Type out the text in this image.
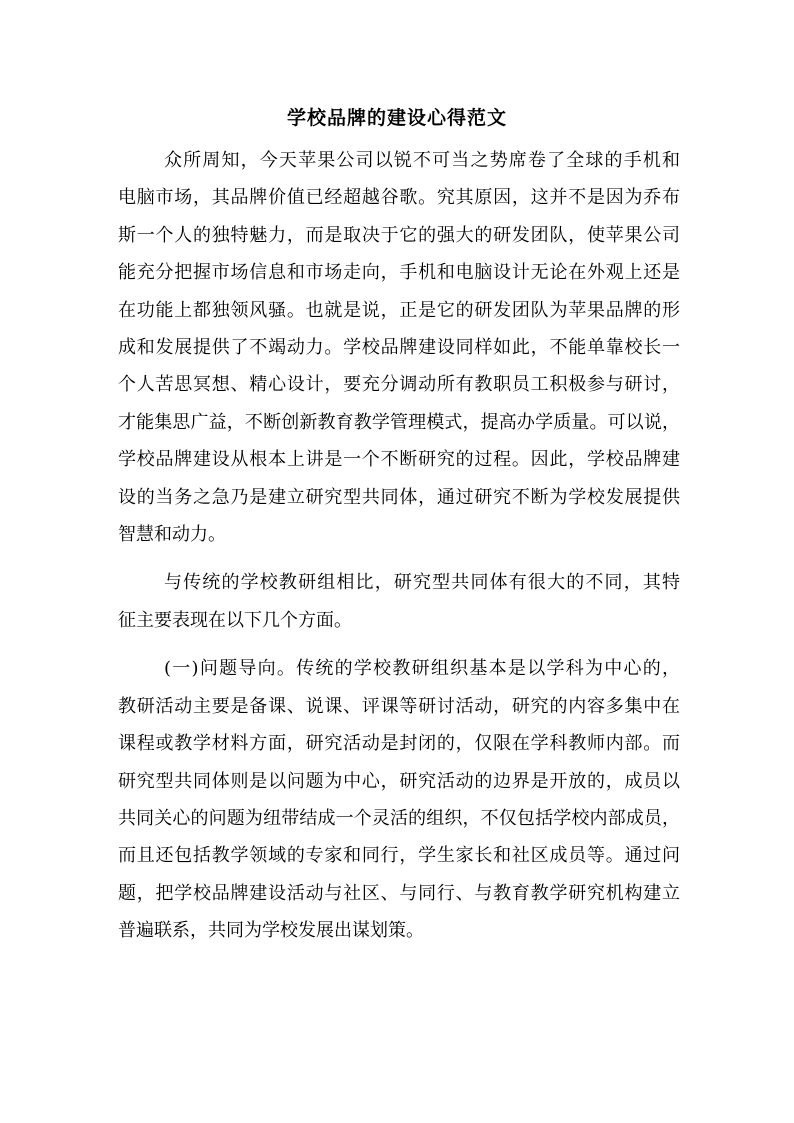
学校品牌的建设心得范文
众所周知，今天苹果公司以锐不可当之势席卷了全球的手机和
电脑市场，其品牌价值已经超越谷歌。究其原因，这并不是因为乔布
斯一个人的独特魅力，而是取决于它的强大的研发团队，使苹果公司
能充分把握市场信息和市场走向，手机和电脑设计无论在外观上还是
在功能上都独领风骚。也就是说，正是它的研发团队为苹果品牌的形
成和发展提供了不竭动力。学校品牌建设同样如此，不能单靠校长一
个人苦思冥想、精心设计，要充分调动所有教职员工积极参与研讨，
才能集思广益，不断创新教育教学管理模式，提高办学质量。可以说，
学校品牌建设从根本上讲是一个不断研究的过程。因此，学校品牌建
设的当务之急乃是建立研究型共同体，通过研究不断为学校发展提供
智慧和动力。
与传统的学校教研组相比，研究型共同体有很大的不同，其特
征主要表现在以下几个方面。
(一)问题导向。传统的学校教研组织基本是以学科为中心的，
教研活动主要是备课、说课、评课等研讨活动，研究的内容多集中在
课程或教学材料方面，研究活动是封闭的，仅限在学科教师内部。而
研究型共同体则是以问题为中心，研究活动的边界是开放的，成员以
共同关心的问题为纽带结成一个灵活的组织，不仅包括学校内部成员，
而且还包括教学领域的专家和同行，学生家长和社区成员等。通过问
题，把学校品牌建设活动与社区、与同行、与教育教学研究机构建立
普遍联系，共同为学校发展出谋划策。
